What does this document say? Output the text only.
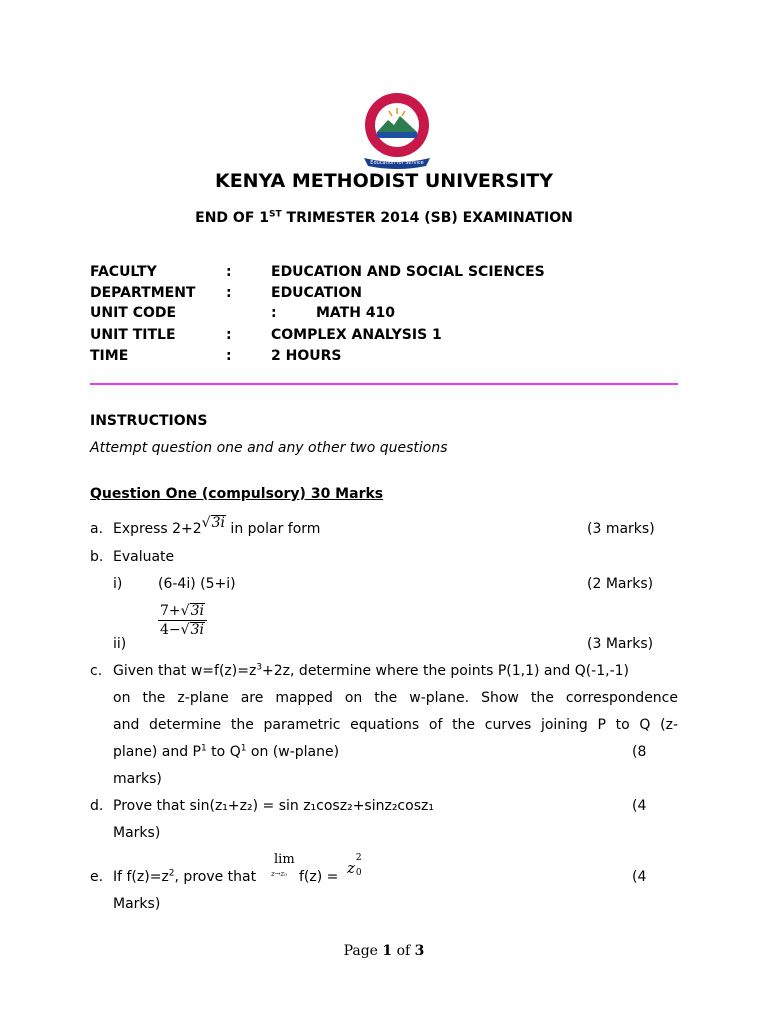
Education for Service
KENYA METHODIST UNIVERSITY
END OF 1ST TRIMESTER 2014 (SB) EXAMINATION
FACULTY	:	EDUCATION AND SOCIAL SCIENCES
DEPARTMENT :	EDUCATION
UNIT CODE	:	MATH 410
UNIT TITLE	:	COMPLEX ANALYSIS 1
TIME	:	2 HOURS
INSTRUCTIONS
Attempt question one and any other two questions
Question One (compulsory) 30 Marks
a. Express 2+2√3i in polar form	(3 marks)
b. Evaluate
i)	(6-4i) (5+i)	(2 Marks)
$\frac{7+√3i}{4-√3i}$
ii)	(3 Marks)
c. Given that $w=f(z)=z^3+2z$, determine where the points P(1,1) and Q(-1,-1)
on the z-plane are mapped on the w-plane. Show the correspondence
and determine the parametric equations of the curves joining P to Q (z-
plane) and $P^1$ to $Q^1$ on (w-plane)	(8
marks)
d. Prove that sin(z₁+z₂) = sin z₁cosz₂+sinz₂cosz₁	(4
Marks)
lim
z→z₀
e. If $f(z)=z^2$, prove that	f(z) = z
2
0	(4
Marks)
Page 1 of 3
